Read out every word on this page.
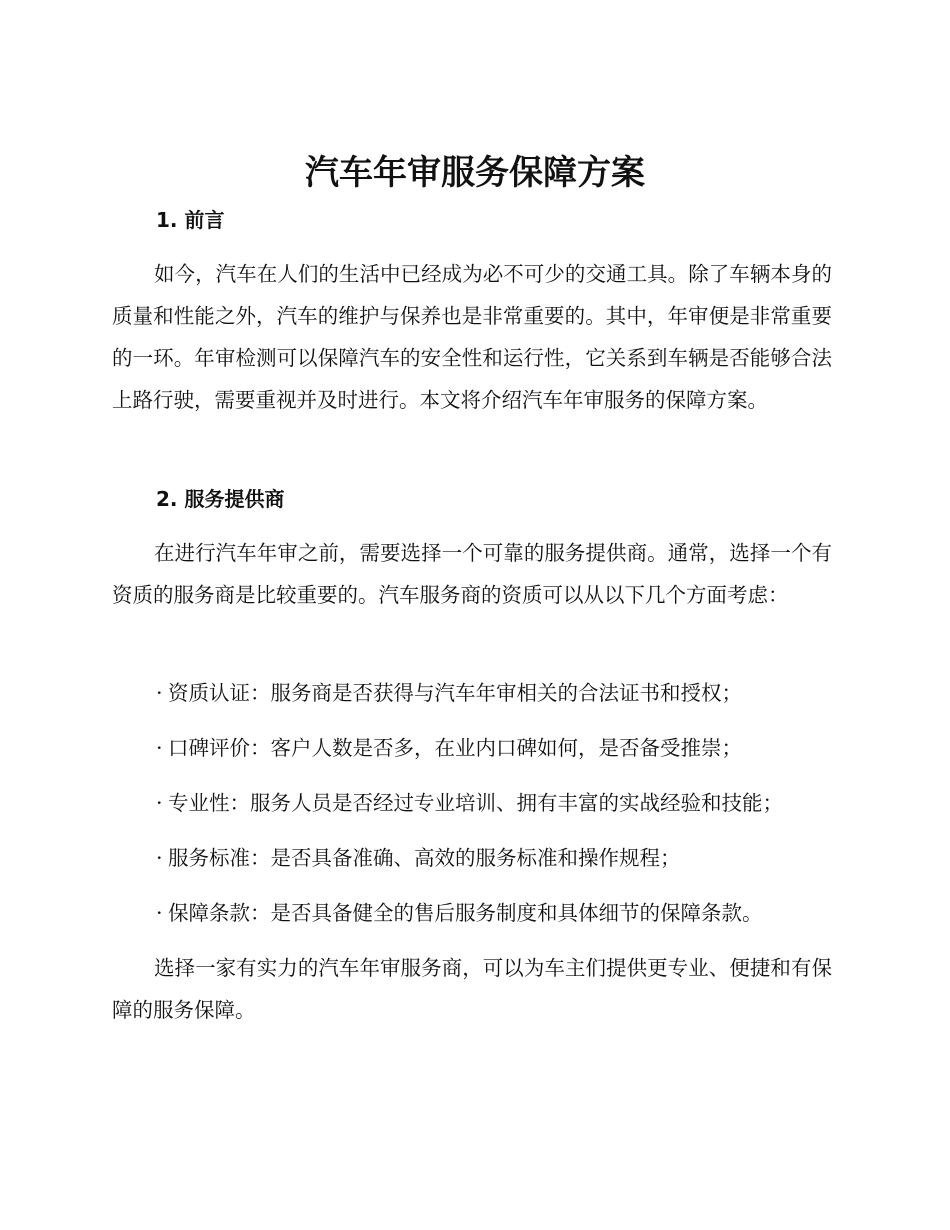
汽车年审服务保障方案
1. 前言

如今，汽车在人们的生活中已经成为必不可少的交通工具。除了车辆本身的质量和性能之外，汽车的维护与保养也是非常重要的。其中，年审便是非常重要的一环。年审检测可以保障汽车的安全性和运行性，它关系到车辆是否能够合法上路行驶，需要重视并及时进行。本文将介绍汽车年审服务的保障方案。

2. 服务提供商

在进行汽车年审之前，需要选择一个可靠的服务提供商。通常，选择一个有资质的服务商是比较重要的。汽车服务商的资质可以从以下几个方面考虑：

· 资质认证：服务商是否获得与汽车年审相关的合法证书和授权；

· 口碑评价：客户人数是否多，在业内口碑如何，是否备受推崇；

· 专业性：服务人员是否经过专业培训、拥有丰富的实战经验和技能；

· 服务标准：是否具备准确、高效的服务标准和操作规程；

· 保障条款：是否具备健全的售后服务制度和具体细节的保障条款。

选择一家有实力的汽车年审服务商，可以为车主们提供更专业、便捷和有保障的服务保障。
